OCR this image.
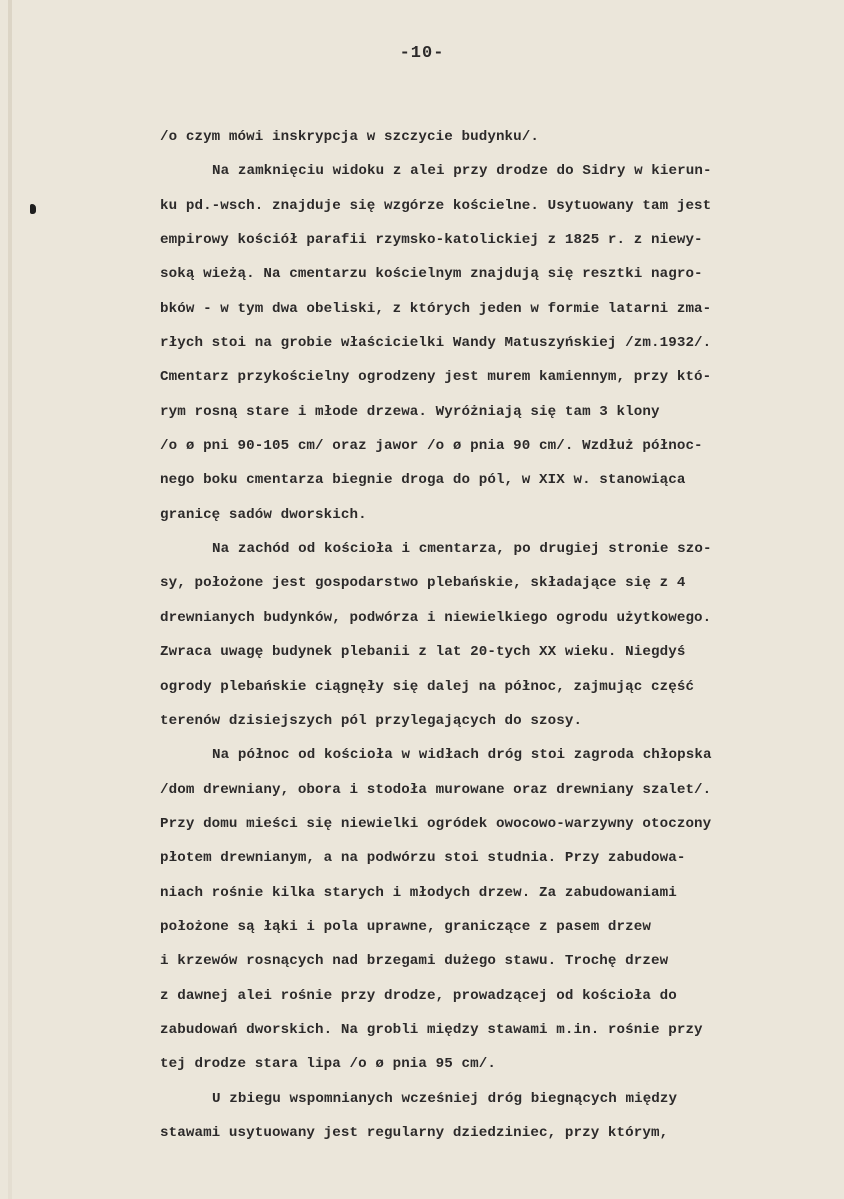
-10-
/o czym mówi inskrypcja w szczycie budynku/.
Na zamknięciu widoku z alei przy drodze do Sidry w kierun-
ku pd.-wsch. znajduje się wzgórze kościelne. Usytuowany tam jest
empirowy kościół parafii rzymsko-katolickiej z 1825 r. z niewy-
soką wieżą. Na cmentarzu kościelnym znajdują się resztki nagro-
bków - w tym dwa obeliski, z których jeden w formie latarni zma-
rłych stoi na grobie właścicielki Wandy Matuszyńskiej /zm.1932/.
Cmentarz przykościelny ogrodzeny jest murem kamiennym, przy któ-
rym rosną stare i młode drzewa. Wyróżniają się tam 3 klony
/o ø pni 90-105 cm/ oraz jawor /o ø pnia 90 cm/. Wzdłuż północ-
nego boku cmentarza biegnie droga do pól, w XIX w. stanowiąca
granicę sadów dworskich.
Na zachód od kościoła i cmentarza, po drugiej stronie szo-
sy, położone jest gospodarstwo plebańskie, składające się z 4
drewnianych budynków, podwórza i niewielkiego ogrodu użytkowego.
Zwraca uwagę budynek plebanii z lat 20-tych XX wieku. Niegdyś
ogrody plebańskie ciągnęły się dalej na północ, zajmując część
terenów dzisiejszych pól przylegających do szosy.
Na północ od kościoła w widłach dróg stoi zagroda chłopska
/dom drewniany, obora i stodoła murowane oraz drewniany szalet/.
Przy domu mieści się niewielki ogródek owocowo-warzywny otoczony
płotem drewnianym, a na podwórzu stoi studnia. Przy zabudowa-
niach rośnie kilka starych i młodych drzew. Za zabudowaniami
położone są łąki i pola uprawne, graniczące z pasem drzew
i krzewów rosnących nad brzegami dużego stawu. Trochę drzew
z dawnej alei rośnie przy drodze, prowadzącej od kościoła do
zabudowań dworskich. Na grobli między stawami m.in. rośnie przy
tej drodze stara lipa /o ø pnia 95 cm/.
U zbiegu wspomnianych wcześniej dróg biegnących między
stawami usytuowany jest regularny dziedziniec, przy którym,
